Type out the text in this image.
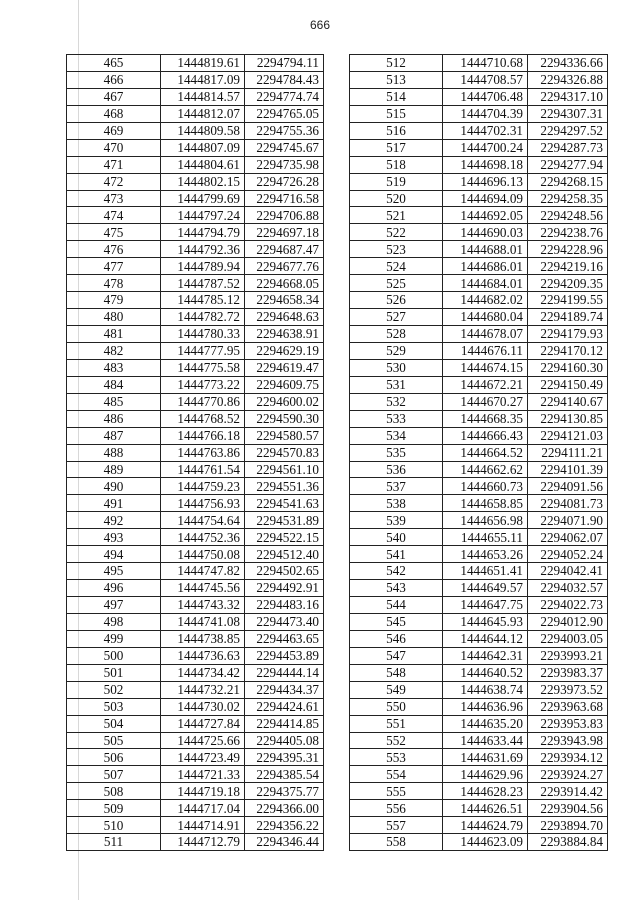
666
465	1444819.61	2294794.11
466	1444817.09	2294784.43
467	1444814.57	2294774.74
468	1444812.07	2294765.05
469	1444809.58	2294755.36
470	1444807.09	2294745.67
471	1444804.61	2294735.98
472	1444802.15	2294726.28
473	1444799.69	2294716.58
474	1444797.24	2294706.88
475	1444794.79	2294697.18
476	1444792.36	2294687.47
477	1444789.94	2294677.76
478	1444787.52	2294668.05
479	1444785.12	2294658.34
480	1444782.72	2294648.63
481	1444780.33	2294638.91
482	1444777.95	2294629.19
483	1444775.58	2294619.47
484	1444773.22	2294609.75
485	1444770.86	2294600.02
486	1444768.52	2294590.30
487	1444766.18	2294580.57
488	1444763.86	2294570.83
489	1444761.54	2294561.10
490	1444759.23	2294551.36
491	1444756.93	2294541.63
492	1444754.64	2294531.89
493	1444752.36	2294522.15
494	1444750.08	2294512.40
495	1444747.82	2294502.65
496	1444745.56	2294492.91
497	1444743.32	2294483.16
498	1444741.08	2294473.40
499	1444738.85	2294463.65
500	1444736.63	2294453.89
501	1444734.42	2294444.14
502	1444732.21	2294434.37
503	1444730.02	2294424.61
504	1444727.84	2294414.85
505	1444725.66	2294405.08
506	1444723.49	2294395.31
507	1444721.33	2294385.54
508	1444719.18	2294375.77
509	1444717.04	2294366.00
510	1444714.91	2294356.22
511	1444712.79	2294346.44
512	1444710.68	2294336.66
513	1444708.57	2294326.88
514	1444706.48	2294317.10
515	1444704.39	2294307.31
516	1444702.31	2294297.52
517	1444700.24	2294287.73
518	1444698.18	2294277.94
519	1444696.13	2294268.15
520	1444694.09	2294258.35
521	1444692.05	2294248.56
522	1444690.03	2294238.76
523	1444688.01	2294228.96
524	1444686.01	2294219.16
525	1444684.01	2294209.35
526	1444682.02	2294199.55
527	1444680.04	2294189.74
528	1444678.07	2294179.93
529	1444676.11	2294170.12
530	1444674.15	2294160.30
531	1444672.21	2294150.49
532	1444670.27	2294140.67
533	1444668.35	2294130.85
534	1444666.43	2294121.03
535	1444664.52	2294111.21
536	1444662.62	2294101.39
537	1444660.73	2294091.56
538	1444658.85	2294081.73
539	1444656.98	2294071.90
540	1444655.11	2294062.07
541	1444653.26	2294052.24
542	1444651.41	2294042.41
543	1444649.57	2294032.57
544	1444647.75	2294022.73
545	1444645.93	2294012.90
546	1444644.12	2294003.05
547	1444642.31	2293993.21
548	1444640.52	2293983.37
549	1444638.74	2293973.52
550	1444636.96	2293963.68
551	1444635.20	2293953.83
552	1444633.44	2293943.98
553	1444631.69	2293934.12
554	1444629.96	2293924.27
555	1444628.23	2293914.42
556	1444626.51	2293904.56
557	1444624.79	2293894.70
558	1444623.09	2293884.84
